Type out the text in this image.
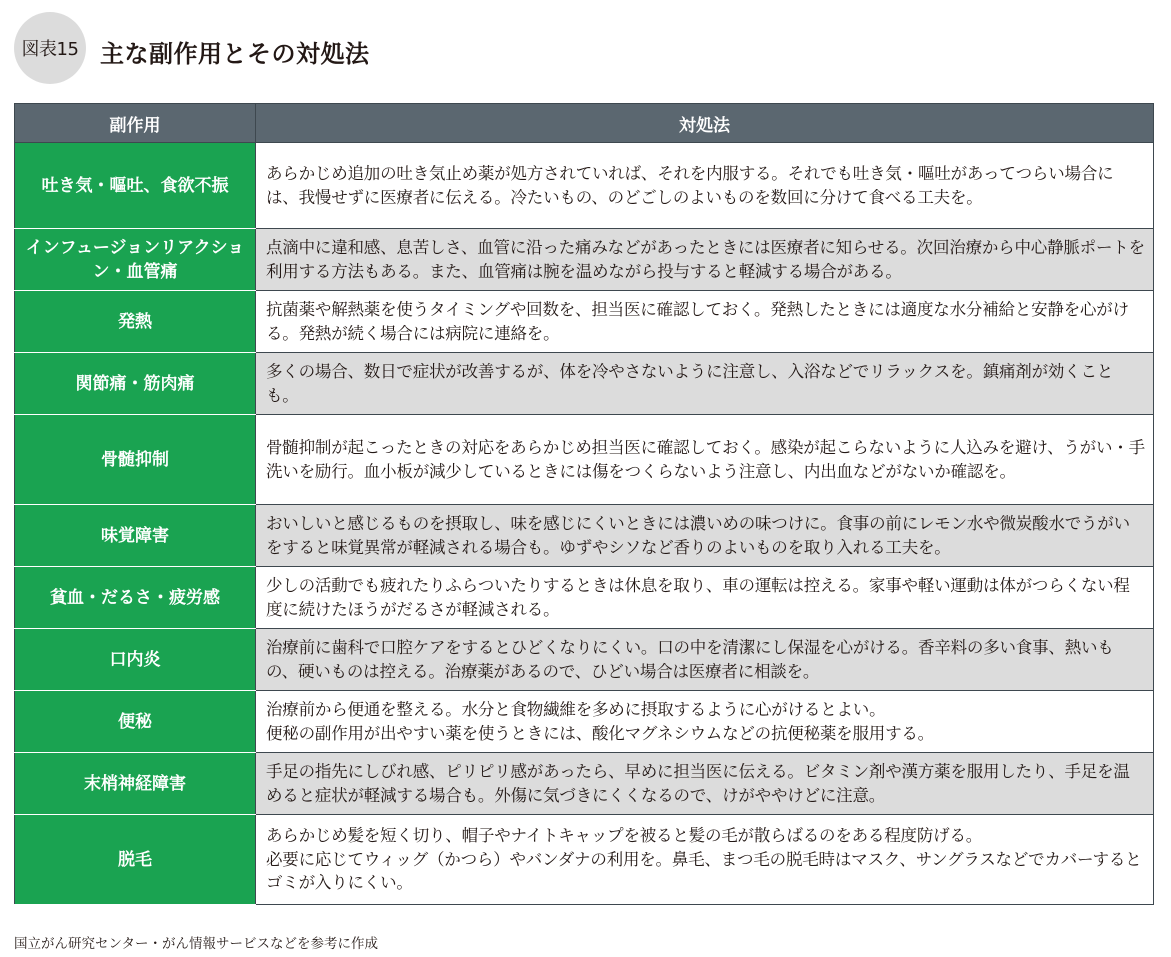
図表15 主な副作用とその対処法
副作用	対処法
吐き気・嘔吐、食欲不振	あらかじめ追加の吐き気止め薬が処方されていれば、それを内服する。それでも吐き気・嘔吐があってつらい場合には、我慢せずに医療者に伝える。冷たいもの、のどごしのよいものを数回に分けて食べる工夫を。
インフュージョンリアクション・血管痛	点滴中に違和感、息苦しさ、血管に沿った痛みなどがあったときには医療者に知らせる。次回治療から中心静脈ポートを利用する方法もある。また、血管痛は腕を温めながら投与すると軽減する場合がある。
発熱	抗菌薬や解熱薬を使うタイミングや回数を、担当医に確認しておく。発熱したときには適度な水分補給と安静を心がける。発熱が続く場合には病院に連絡を。
関節痛・筋肉痛	多くの場合、数日で症状が改善するが、体を冷やさないように注意し、入浴などでリラックスを。鎮痛剤が効くことも。
骨髄抑制	骨髄抑制が起こったときの対応をあらかじめ担当医に確認しておく。感染が起こらないように人込みを避け、うがい・手洗いを励行。血小板が減少しているときには傷をつくらないよう注意し、内出血などがないか確認を。
味覚障害	おいしいと感じるものを摂取し、味を感じにくいときには濃いめの味つけに。食事の前にレモン水や微炭酸水でうがいをすると味覚異常が軽減される場合も。ゆずやシソなど香りのよいものを取り入れる工夫を。
貧血・だるさ・疲労感	少しの活動でも疲れたりふらついたりするときは休息を取り、車の運転は控える。家事や軽い運動は体がつらくない程度に続けたほうがだるさが軽減される。
口内炎	治療前に歯科で口腔ケアをするとひどくなりにくい。口の中を清潔にし保湿を心がける。香辛料の多い食事、熱いもの、硬いものは控える。治療薬があるので、ひどい場合は医療者に相談を。
便秘	治療前から便通を整える。水分と食物繊維を多めに摂取するように心がけるとよい。
便秘の副作用が出やすい薬を使うときには、酸化マグネシウムなどの抗便秘薬を服用する。
末梢神経障害	手足の指先にしびれ感、ピリピリ感があったら、早めに担当医に伝える。ビタミン剤や漢方薬を服用したり、手足を温めると症状が軽減する場合も。外傷に気づきにくくなるので、けがややけどに注意。
脱毛	あらかじめ髪を短く切り、帽子やナイトキャップを被ると髪の毛が散らばるのをある程度防げる。
必要に応じてウィッグ（かつら）やバンダナの利用を。鼻毛、まつ毛の脱毛時はマスク、サングラスなどでカバーするとゴミが入りにくい。
国立がん研究センター・がん情報サービスなどを参考に作成
